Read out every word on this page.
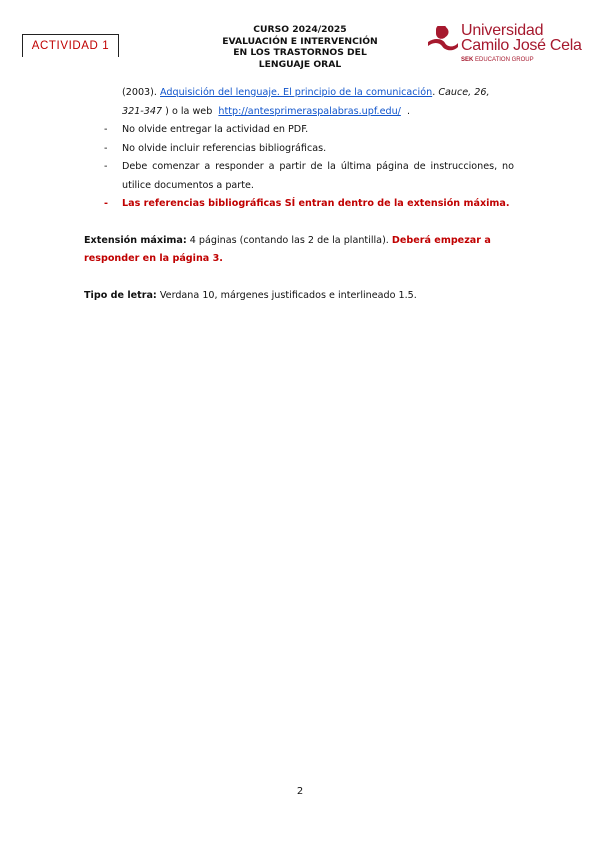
ACTIVIDAD 1
CURSO 2024/2025
EVALUACIÓN E INTERVENCIÓN
EN LOS TRASTORNOS DEL
LENGUAJE ORAL
Universidad
Camilo José Cela
SEK EDUCATION GROUP
(2003). Adquisición del lenguaje. El principio de la comunicación. Cauce, 26,
321-347 ) o la web http://antesprimeraspalabras.upf.edu/ .
- No olvide entregar la actividad en PDF.
- No olvide incluir referencias bibliográficas.
- Debe comenzar a responder a partir de la última página de instrucciones, no utilice documentos a parte.
- Las referencias bibliográficas SÍ entran dentro de la extensión máxima.
Extensión máxima: 4 páginas (contando las 2 de la plantilla). Deberá empezar a responder en la página 3.
Tipo de letra: Verdana 10, márgenes justificados e interlineado 1.5.
2
